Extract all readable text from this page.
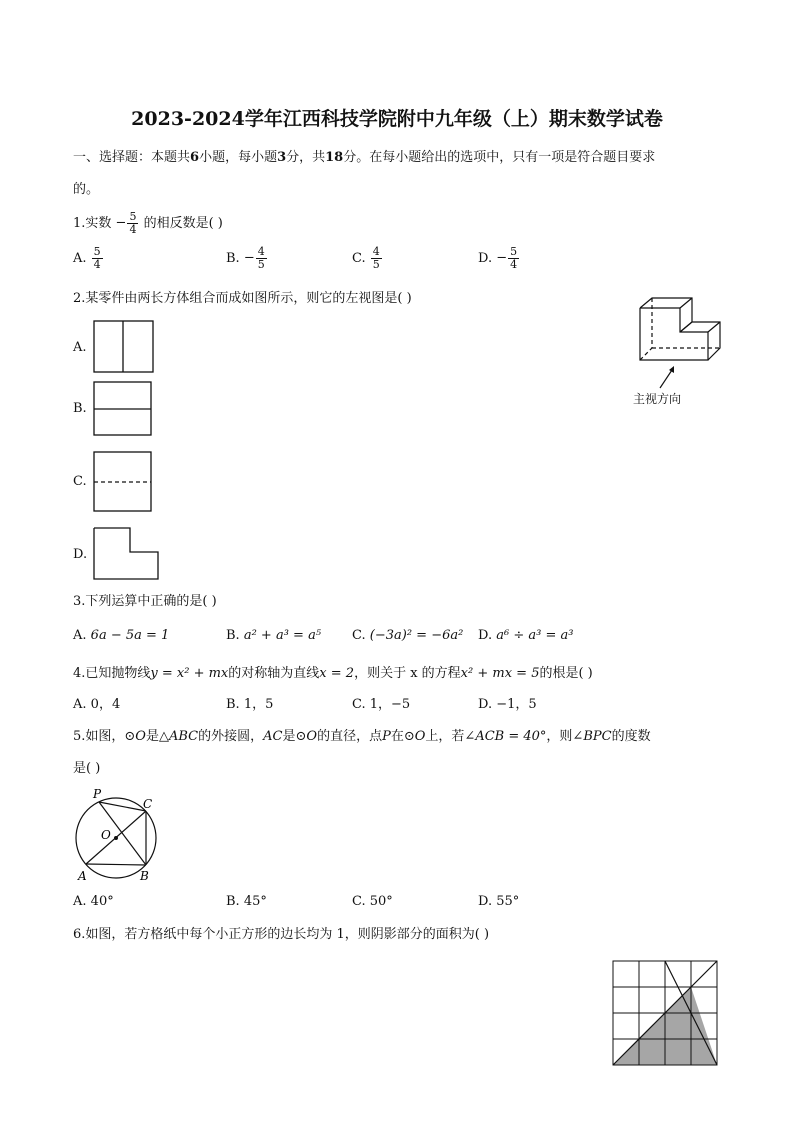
2023-2024学年江西科技学院附中九年级（上）期末数学试卷
一、选择题：本题共6小题，每小题3分，共18分。在每小题给出的选项中，只有一项是符合题目要求
的。
1.实数 − $\frac{5}{4}$ 的相反数是( )
A. $\frac{5}{4}$	B. − $\frac{4}{5}$	C. $\frac{4}{5}$	D. − $\frac{5}{4}$
2.某零件由两长方体组合而成如图所示，则它的左视图是( )
主视方向
A.
B.
C.
D.
3.下列运算中正确的是( )
A. 6a − 5a = 1	B. a² + a³ = a⁵ C. (−3a)² = −6a² D. a⁶ ÷ a³ = a³
4.已知抛物线y = x² + mx的对称轴为直线x = 2，则关于 x 的方程x² + mx = 5的根是( )
A. 0，4	B. 1，5	C. 1，−5	D. −1，5
5.如图，⊙O是△ABC的外接圆，AC是⊙O的直径，点P在⊙O上，若∠ACB = 40°，则∠BPC的度数
是( )
P
C
O
A	B
A. 40°	B. 45°	C. 50°	D. 55°
6.如图，若方格纸中每个小正方形的边长均为 1，则阴影部分的面积为( )
